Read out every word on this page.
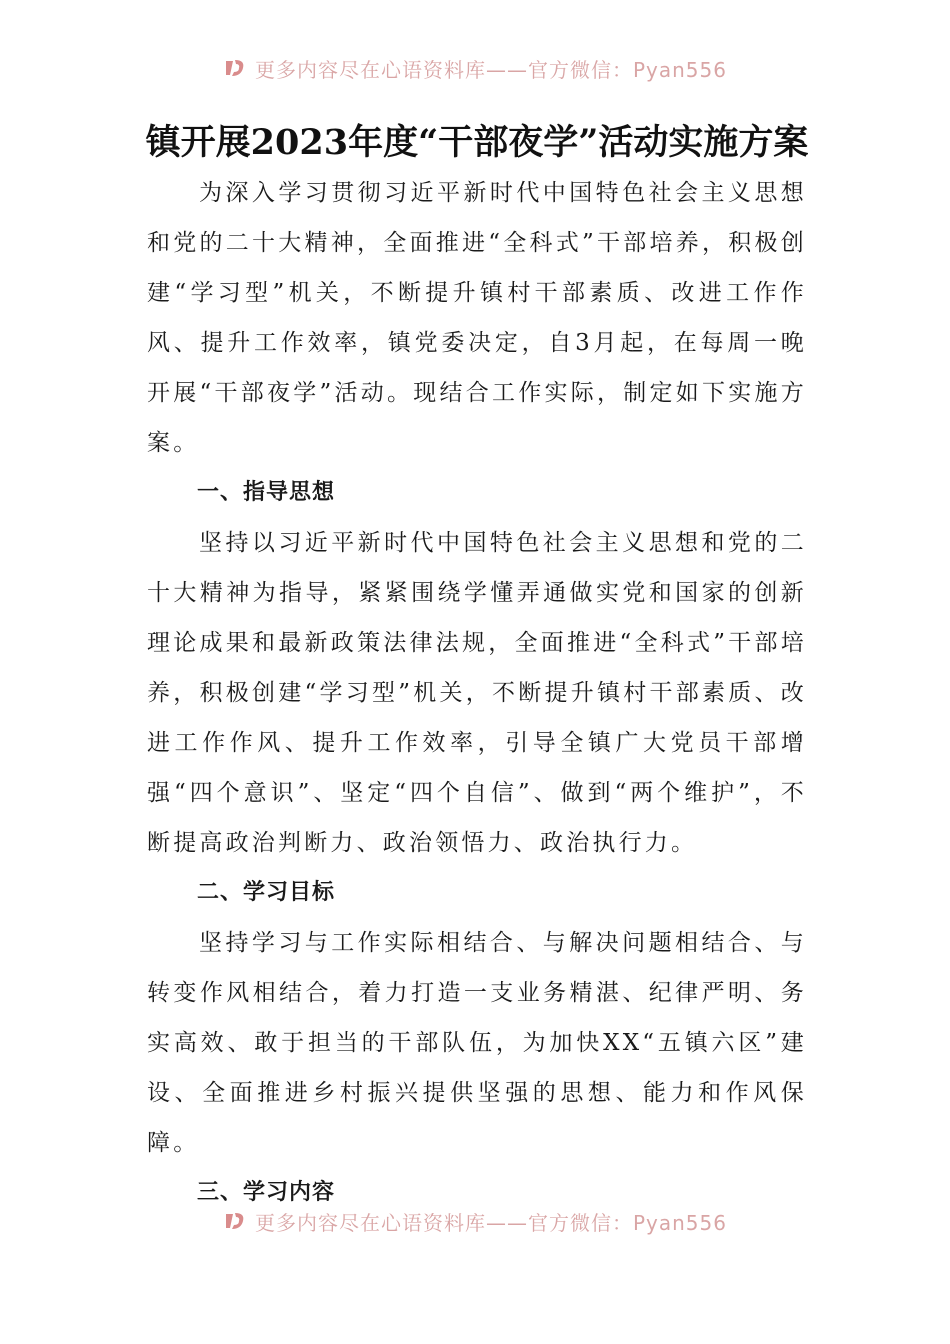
更多内容尽在心语资料库——官方微信：Pyan556
镇开展2023年度“干部夜学”活动实施方案

为深入学习贯彻习近平新时代中国特色社会主义思想和党的二十大精神，全面推进“全科式”干部培养，积极创建“学习型”机关，不断提升镇村干部素质、改进工作作风、提升工作效率，镇党委决定，自3月起，在每周一晚开展“干部夜学”活动。现结合工作实际，制定如下实施方案。

一、指导思想

坚持以习近平新时代中国特色社会主义思想和党的二十大精神为指导，紧紧围绕学懂弄通做实党和国家的创新理论成果和最新政策法律法规，全面推进“全科式”干部培养，积极创建“学习型”机关，不断提升镇村干部素质、改进工作作风、提升工作效率，引导全镇广大党员干部增强“四个意识”、坚定“四个自信”、做到“两个维护”，不断提高政治判断力、政治领悟力、政治执行力。

二、学习目标

坚持学习与工作实际相结合、与解决问题相结合、与转变作风相结合，着力打造一支业务精湛、纪律严明、务实高效、敢于担当的干部队伍，为加快XX“五镇六区”建设、全面推进乡村振兴提供坚强的思想、能力和作风保障。

三、学习内容
更多内容尽在心语资料库——官方微信：Pyan556
